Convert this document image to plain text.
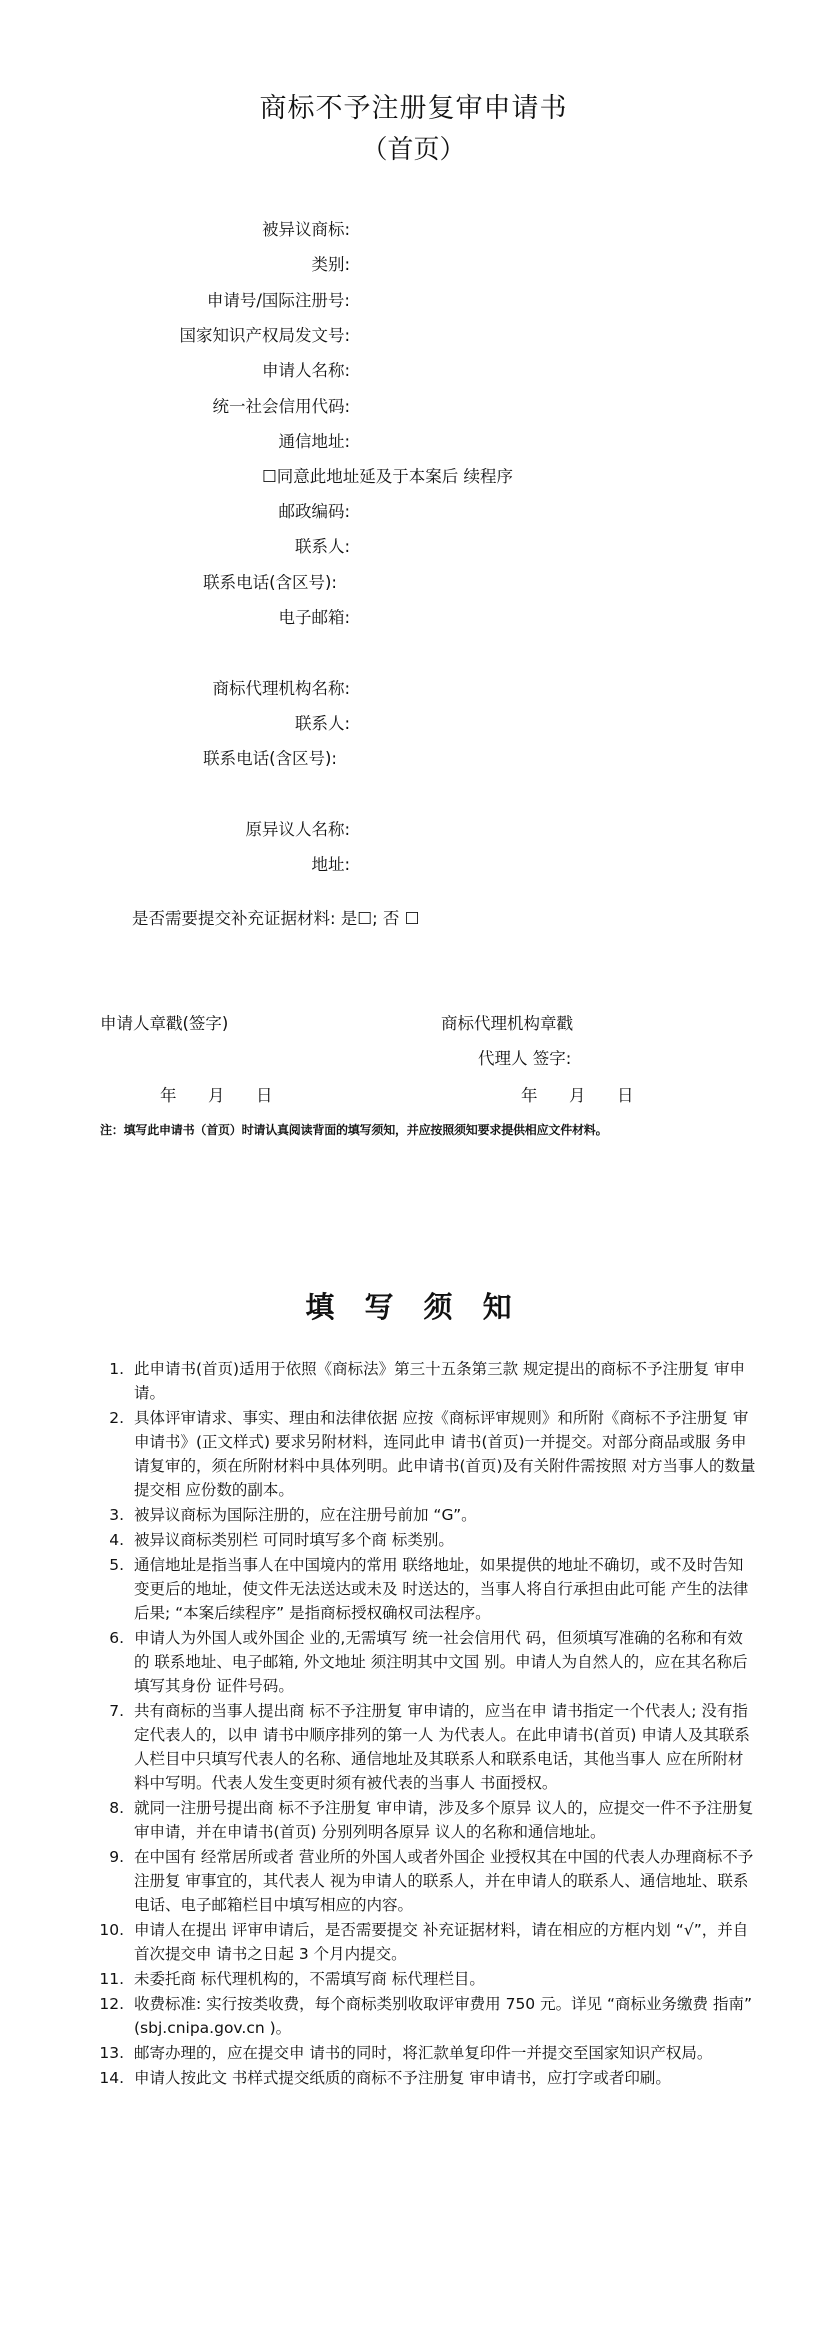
商标不予注册复审申请书
（首页）
被异议商标:
类别:
申请号/国际注册号:
国家知识产权局发文号:
申请人名称:
统一社会信用代码:
通信地址:
☐同意此地址延及于本案后 续程序
邮政编码:
联系人:
联系电话(含区号):
电子邮箱:
商标代理机构名称:
联系人:
联系电话(含区号):
原异议人名称:
地址:
是否需要提交补充证据材料: 是☐; 否 ☐
申请人章戳(签字)	商标代理机构章戳
代理人 签字:
年      月      日	年      月      日
注：填写此申请书（首页）时请认真阅读背面的填写须知，并应按照须知要求提供相应文件材料。
填 写 须 知
1. 此申请书(首页)适用于依照《商标法》第三十五条第三款 规定提出的商标不予注册复 审申请。
2. 具体评审请求、事实、理由和法律依据 应按《商标评审规则》和所附《商标不予注册复 审申请书》(正文样式) 要求另附材料，连同此申 请书(首页)一并提交。对部分商品或服 务申请复审的，须在所附材料中具体列明。此申请书(首页)及有关附件需按照 对方当事人的数量提交相 应份数的副本。
3. 被异议商标为国际注册的，应在注册号前加 “G”。
4. 被异议商标类别栏 可同时填写多个商 标类别。
5. 通信地址是指当事人在中国境内的常用 联络地址，如果提供的地址不确切，或不及时告知变更后的地址，使文件无法送达或未及 时送达的，当事人将自行承担由此可能 产生的法律后果; “本案后续程序” 是指商标授权确权司法程序。
6. 申请人为外国人或外国企 业的,无需填写 统一社会信用代 码，但须填写准确的名称和有效的 联系地址、电子邮箱, 外文地址 须注明其中文国 别。申请人为自然人的，应在其名称后填写其身份 证件号码。
7. 共有商标的当事人提出商 标不予注册复 审申请的，应当在申 请书指定一个代表人; 没有指定代表人的，以申 请书中顺序排列的第一人 为代表人。在此申请书(首页) 申请人及其联系人栏目中只填写代表人的名称、通信地址及其联系人和联系电话，其他当事人 应在所附材料中写明。代表人发生变更时须有被代表的当事人 书面授权。
8. 就同一注册号提出商 标不予注册复 审申请，涉及多个原异 议人的，应提交一件不予注册复 审申请，并在申请书(首页) 分别列明各原异 议人的名称和通信地址。
9. 在中国有 经常居所或者 营业所的外国人或者外国企 业授权其在中国的代表人办理商标不予注册复 审事宜的，其代表人 视为申请人的联系人，并在申请人的联系人、通信地址、联系电话、电子邮箱栏目中填写相应的内容。
10. 申请人在提出 评审申请后，是否需要提交 补充证据材料，请在相应的方框内划 “√”，并自首次提交申 请书之日起 3 个月内提交。
11. 未委托商 标代理机构的，不需填写商 标代理栏目。
12. 收费标准: 实行按类收费，每个商标类别收取评审费用 750 元。详见 “商标业务缴费 指南” (sbj.cnipa.gov.cn )。
13. 邮寄办理的，应在提交申 请书的同时，将汇款单复印件一并提交至国家知识产权局。
14. 申请人按此文 书样式提交纸质的商标不予注册复 审申请书，应打字或者印刷。
